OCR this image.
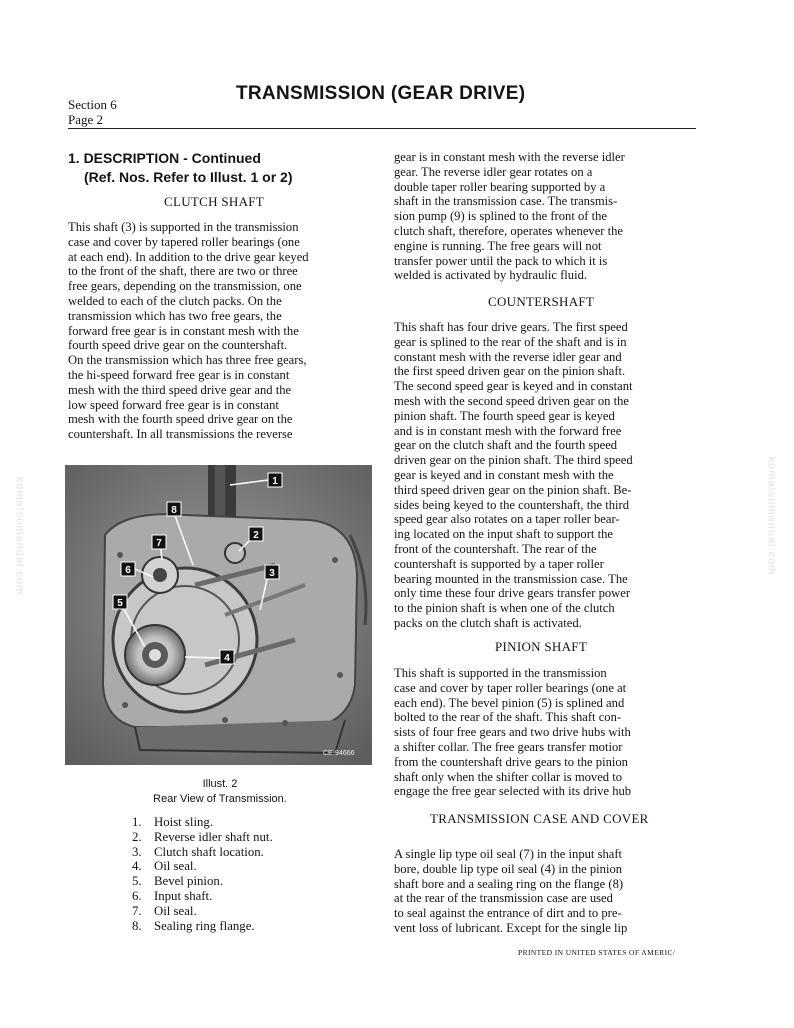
Section 6
Page 2
TRANSMISSION (GEAR DRIVE)
1. DESCRIPTION - Continued
(Ref. Nos. Refer to Illust. 1 or 2)
CLUTCH SHAFT
This shaft (3) is supported in the transmission
case and cover by tapered roller bearings (one
at each end). In addition to the drive gear keyed
to the front of the shaft, there are two or three
free gears, depending on the transmission, one
welded to each of the clutch packs. On the
transmission which has two free gears, the
forward free gear is in constant mesh with the
fourth speed drive gear on the countershaft.
On the transmission which has three free gears,
the hi-speed forward free gear is in constant
mesh with the third speed drive gear and the
low speed forward free gear is in constant
mesh with the fourth speed drive gear on the
countershaft. In all transmissions the reverse
1
2
3
4
5
6
7
8
CE-94666
Illust. 2
Rear View of Transmission.
1. Hoist sling.
2. Reverse idler shaft nut.
3. Clutch shaft location.
4. Oil seal.
5. Bevel pinion.
6. Input shaft.
7. Oil seal.
8. Sealing ring flange.
gear is in constant mesh with the reverse idler
gear. The reverse idler gear rotates on a
double taper roller bearing supported by a
shaft in the transmission case. The transmis-
sion pump (9) is splined to the front of the
clutch shaft, therefore, operates whenever the
engine is running. The free gears will not
transfer power until the pack to which it is
welded is activated by hydraulic fluid.
COUNTERSHAFT
This shaft has four drive gears. The first speed
gear is splined to the rear of the shaft and is in
constant mesh with the reverse idler gear and
the first speed driven gear on the pinion shaft.
The second speed gear is keyed and in constant
mesh with the second speed driven gear on the
pinion shaft. The fourth speed gear is keyed
and is in constant mesh with the forward free
gear on the clutch shaft and the fourth speed
driven gear on the pinion shaft. The third speed
gear is keyed and in constant mesh with the
third speed driven gear on the pinion shaft. Be-
sides being keyed to the countershaft, the third
speed gear also rotates on a taper roller bear-
ing located on the input shaft to support the
front of the countershaft. The rear of the
countershaft is supported by a taper roller
bearing mounted in the transmission case. The
only time these four drive gears transfer power
to the pinion shaft is when one of the clutch
packs on the clutch shaft is activated.
PINION SHAFT
This shaft is supported in the transmission
case and cover by taper roller bearings (one at
each end). The bevel pinion (5) is splined and
bolted to the rear of the shaft. This shaft con-
sists of four free gears and two drive hubs with
a shifter collar. The free gears transfer motior
from the countershaft drive gears to the pinion
shaft only when the shifter collar is moved to
engage the free gear selected with its drive hub
TRANSMISSION CASE AND COVER
A single lip type oil seal (7) in the input shaft
bore, double lip type oil seal (4) in the pinion
shaft bore and a sealing ring on the flange (8)
at the rear of the transmission case are used
to seal against the entrance of dirt and to pre-
vent loss of lubricant. Except for the single lip
PRINTED IN UNITED STATES OF AMERIC/
komatsumanual.com	komatsumanual.com
